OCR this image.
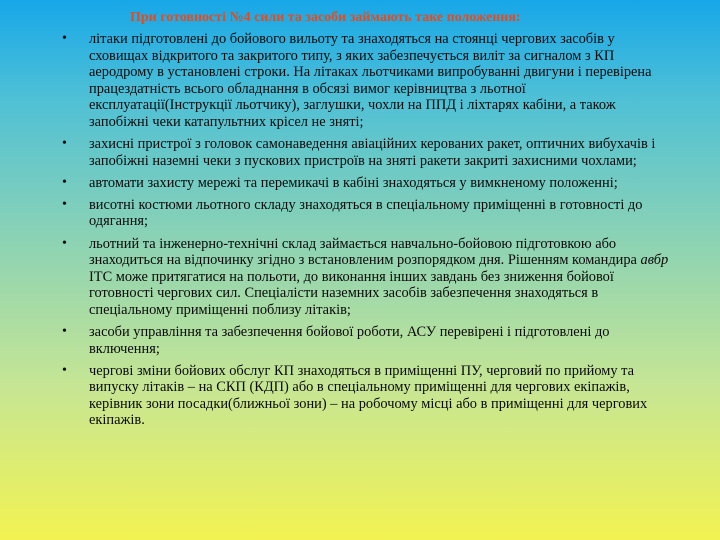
При готовності №4 сили та засоби займають таке положення:
• літаки підготовлені до бойового вильоту та знаходяться на стоянці чергових засобів у сховищах відкритого та закритого типу, з яких забезпечується виліт за сигналом з КП аеродрому в установлені строки. На літаках льотчиками випробуванні двигуни і перевірена працездатність всього обладнання в обсязі вимог керівництва з льотної експлуатації(Інструкції льотчику), заглушки, чохли на ППД і ліхтарях кабіни, а також запобіжні чеки катапультних крісел не зняті;
• захисні пристрої з головок самонаведення авіаційних керованих ракет, оптичних вибухачів і запобіжні наземні чеки з пускових пристроїв на зняті ракети закриті захисними чохлами;
• автомати захисту мережі та перемикачі в кабіні знаходяться у вимкненому положенні;
• висотні костюми льотного складу знаходяться в спеціальному приміщенні в готовності до одягання;
• льотний та інженерно-технічні склад займається навчально-бойовою підготовкою або знаходиться на відпочинку згідно з встановленим розпорядком дня. Рішенням командира авбр ІТС може притягатися на польоти, до виконання інших завдань без зниження бойової готовності чергових сил. Спеціалісти наземних засобів забезпечення знаходяться в спеціальному приміщенні поблизу літаків;
• засоби управління та забезпечення бойової роботи, АСУ перевірені і підготовлені до включення;
• чергові зміни бойових обслуг КП знаходяться в приміщенні ПУ, черговий по прийому та випуску літаків – на СКП (КДП) або в спеціальному приміщенні для чергових екіпажів, керівник зони посадки(ближньої зони) – на робочому місці або в приміщенні для чергових екіпажів.
